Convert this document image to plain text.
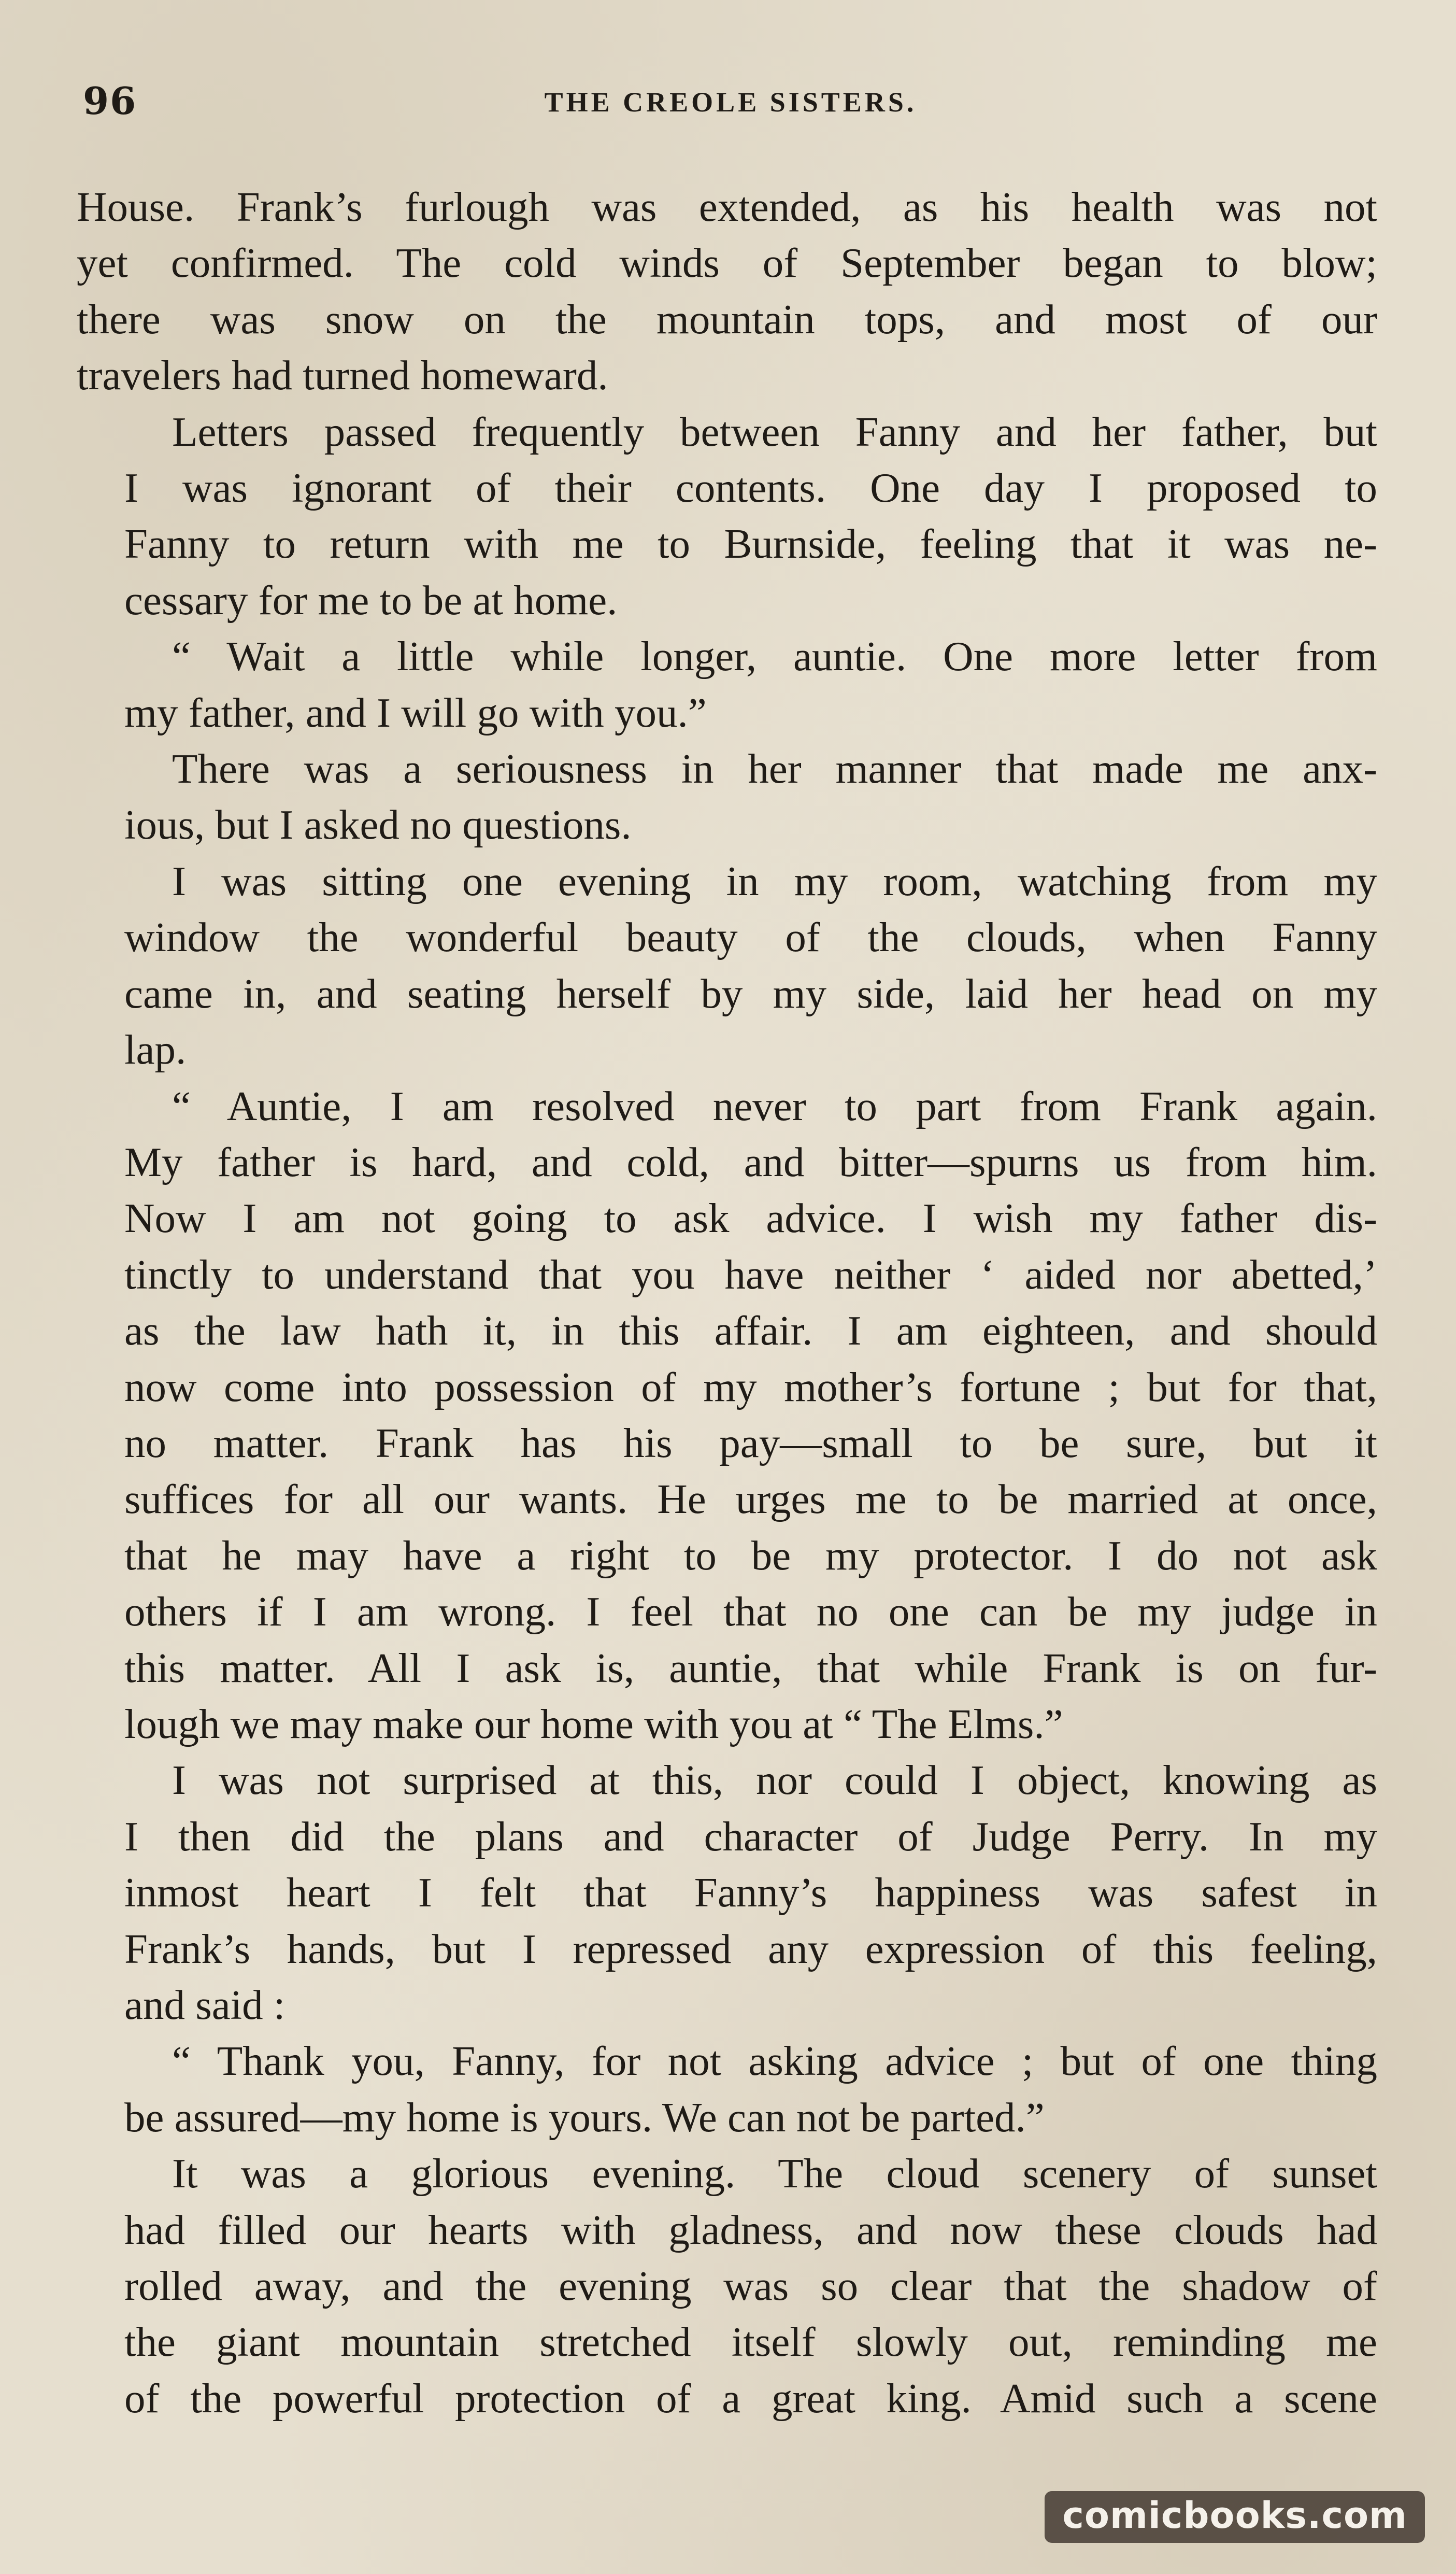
96	THE CREOLE SISTERS.
House. Frank’s furlough was extended, as his health was not
yet confirmed. The cold winds of September began to blow;
there was snow on the mountain tops, and most of our
travelers had turned homeward.
Letters passed frequently between Fanny and her father, but
I was ignorant of their contents. One day I proposed to
Fanny to return with me to Burnside, feeling that it was ne-
cessary for me to be at home.
“ Wait a little while longer, auntie. One more letter from
my father, and I will go with you.”
There was a seriousness in her manner that made me anx-
ious, but I asked no questions.
I was sitting one evening in my room, watching from my
window the wonderful beauty of the clouds, when Fanny
came in, and seating herself by my side, laid her head on my
lap.
“ Auntie, I am resolved never to part from Frank again.
My father is hard, and cold, and bitter—spurns us from him.
Now I am not going to ask advice. I wish my father dis-
tinctly to understand that you have neither ‘ aided nor abetted,’
as the law hath it, in this affair. I am eighteen, and should
now come into possession of my mother’s fortune ; but for that,
no matter. Frank has his pay—small to be sure, but it
suffices for all our wants. He urges me to be married at once,
that he may have a right to be my protector. I do not ask
others if I am wrong. I feel that no one can be my judge in
this matter. All I ask is, auntie, that while Frank is on fur-
lough we may make our home with you at “ The Elms.”
I was not surprised at this, nor could I object, knowing as
I then did the plans and character of Judge Perry. In my
inmost heart I felt that Fanny’s happiness was safest in
Frank’s hands, but I repressed any expression of this feeling,
and said :
“ Thank you, Fanny, for not asking advice ; but of one thing
be assured—my home is yours. We can not be parted.”
It was a glorious evening. The cloud scenery of sunset
had filled our hearts with gladness, and now these clouds had
rolled away, and the evening was so clear that the shadow of
the giant mountain stretched itself slowly out, reminding me
of the powerful protection of a great king. Amid such a scene
comicbooks.com
